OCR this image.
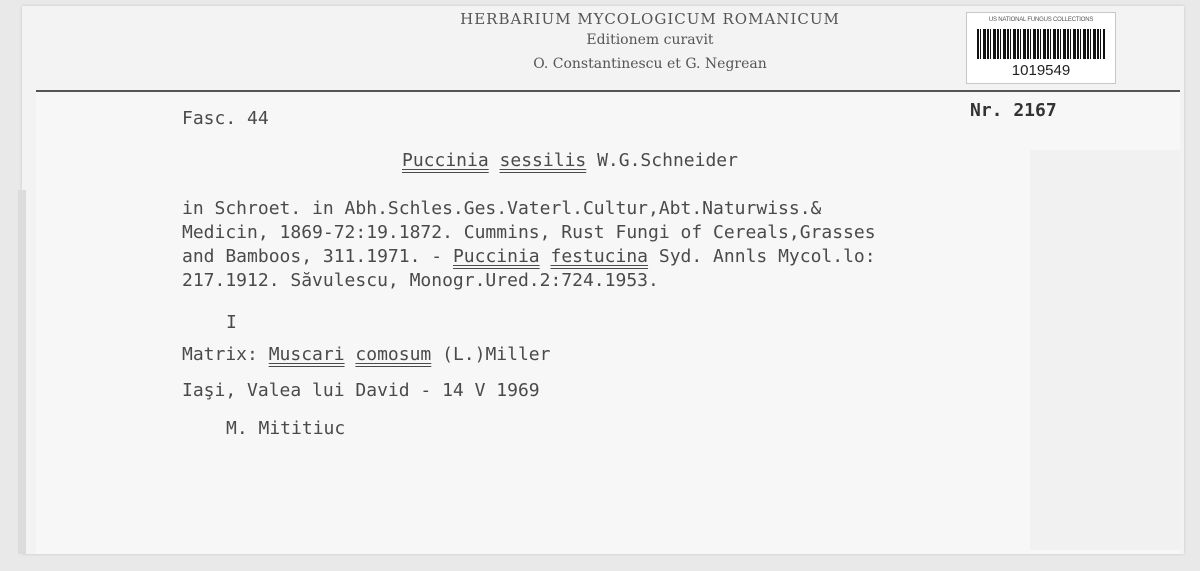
HERBARIUM MYCOLOGICUM ROMANICUM
Editionem curavit
O. Constantinescu et G. Negrean
US NATIONAL FUNGUS COLLECTIONS
1019549
Fasc. 44	Nr. 2167
Puccinia sessilis W.G.Schneider
in Schroet. in Abh.Schles.Ges.Vaterl.Cultur,Abt.Naturwiss.&
Medicin, 1869-72:19.1872. Cummins, Rust Fungi of Cereals,Grasses
and Bamboos, 311.1971. - Puccinia festucina Syd. Annls Mycol.lo:
217.1912. Săvulescu, Monogr.Ured.2:724.1953.
I
Matrix: Muscari comosum (L.)Miller
Iaşi, Valea lui David - 14 V 1969
M. Mititiuc
